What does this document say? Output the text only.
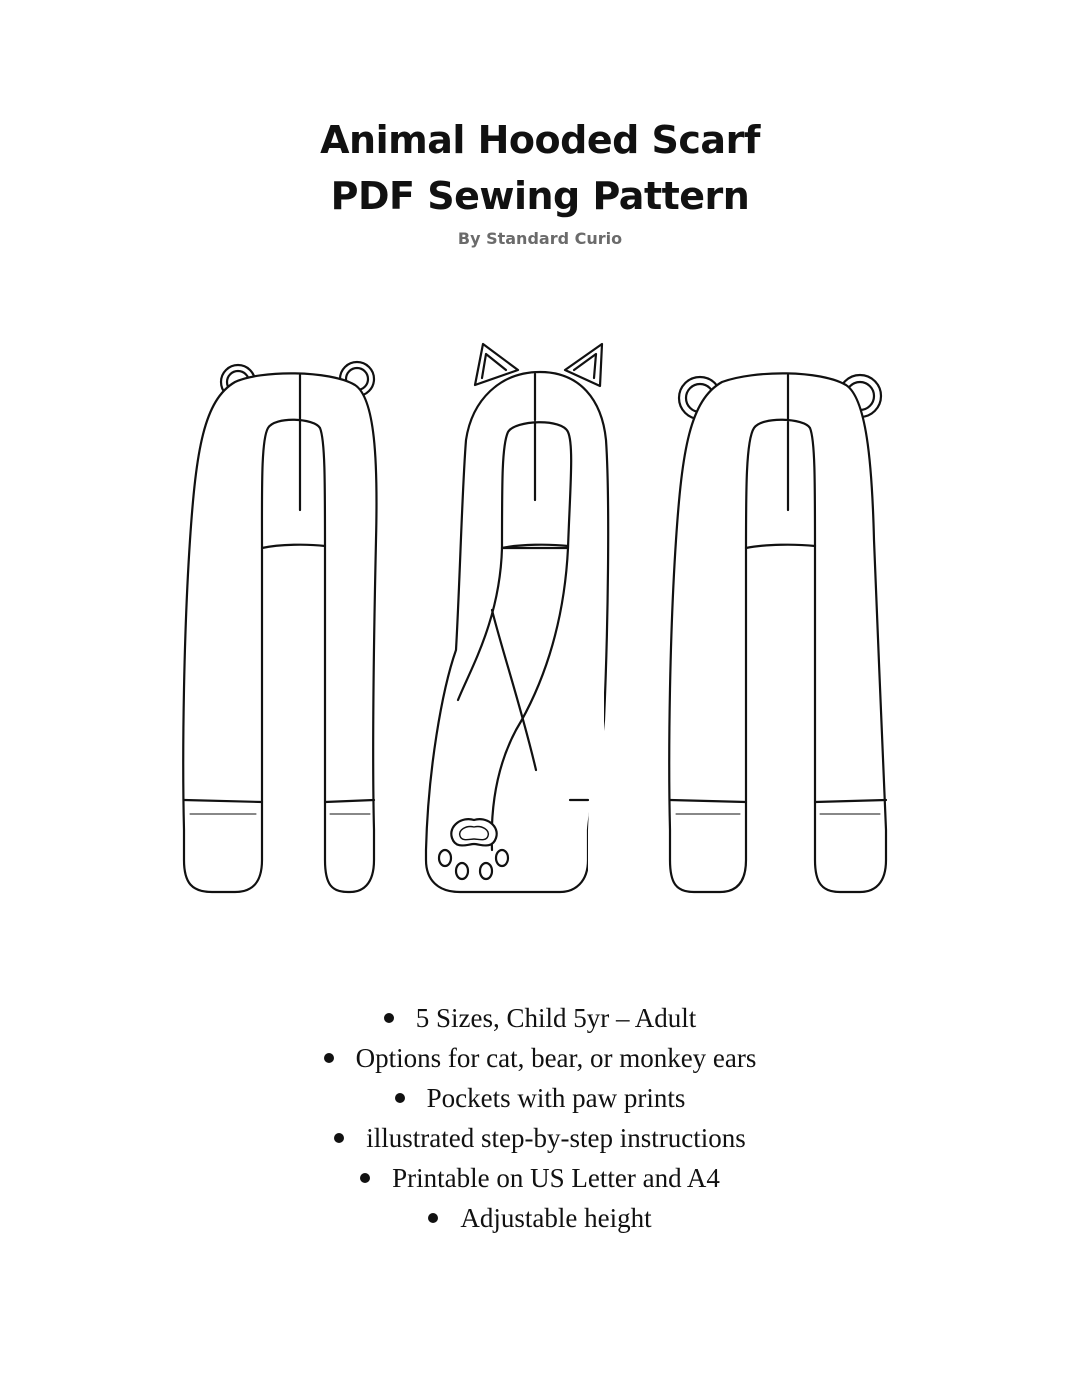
Animal Hooded Scarf
PDF Sewing Pattern
By Standard Curio
5 Sizes, Child 5yr – Adult
Options for cat, bear, or monkey ears
Pockets with paw prints
illustrated step-by-step instructions
Printable on US Letter and A4
Adjustable height
